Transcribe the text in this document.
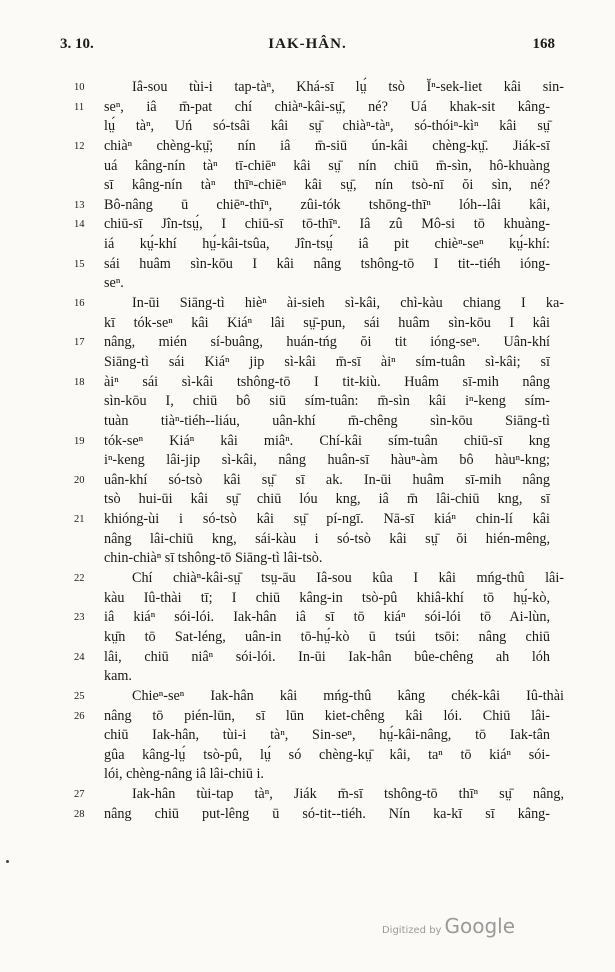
3. 10.	IAK-HÂN.	168
10	Iâ-sou tùi-i tap-tàⁿ, Khá-sī lṳ́ tsò Ĭⁿ-sek-liet kâi sin-
11	seⁿ, iâ m̄-pat chí chiàⁿ-kâi-sṳ̄, né? Uá khak-sit kâng-
lṳ́ tàⁿ, Uń só-tsâi kâi sṳ̄ chiàⁿ-tàⁿ, só-thóiⁿ-kìⁿ kâi sṳ̄
12	chiàⁿ chèng-kṳ̄; nín iâ m̄-siū ún-kâi chèng-kṳ̄. Jiák-sī
uá kâng-nín tàⁿ tī-chiēⁿ kâi sṳ̄ nín chiū m̄-sìn, hô-khuàng
sī kâng-nín tàⁿ thīⁿ-chiēⁿ kâi sṳ̄, nín tsò-nī ŏi sìn, né?
13	Bô-nâng ū chiēⁿ-thīⁿ, zûi-tók tshōng-thīⁿ lóh--lâi kâi,
14	chiū-sī Jîn-tsṳ́, I chiū-sī tō-thīⁿ. Iâ zû Mô-si tō khuàng-
iá kṳ́-khí hṳ́-kâi-tsûa, Jîn-tsṳ́ iâ pit chièⁿ-seⁿ kṳ́-khí:
15	sái huâm sìn-kōu I kâi nâng tshông-tō I tit--tiéh ióng-
seⁿ.
16	In-ūi Siāng-tì hièⁿ ài-sieh sì-kâi, chì-kàu chiang I ka-
kī tók-seⁿ kâi Kiáⁿ lâi sṳ̄-pun, sái huâm sìn-kōu I kâi
17	nâng, mién sí-buâng, huán-tńg ŏi tit ióng-seⁿ. Uân-khí
Siāng-tì sái Kiáⁿ jip sì-kâi m̄-sī àiⁿ sím-tuân sì-kâi; sī
18	àiⁿ sái sì-kâi tshông-tō I tit-kiù. Huâm sī-mih nâng
sìn-kōu I, chiū bô siū sím-tuân: m̄-sìn kâi iⁿ-keng sím-
tuàn tiàⁿ-tiéh--liáu, uân-khí m̄-chêng sìn-kōu Siāng-tì
19	tók-seⁿ Kiáⁿ kâi miâⁿ. Chí-kâi sím-tuân chiū-sī kng
iⁿ-keng lâi-jip sì-kâi, nâng huân-sī hàuⁿ-àm bô hàuⁿ-kng;
20	uân-khí só-tsò kâi sṳ̄ sī ak. In-ūi huâm sī-mih nâng
tsò hui-ūi kâi sṳ̄ chiū lóu kng, iâ m̄ lâi-chiū kng, sī
21	khióng-ùi i só-tsò kâi sṳ̄ pí-ngī. Nā-sī kiáⁿ chin-lí kâi
nâng lâi-chiū kng, sái-kàu i só-tsò kâi sṳ̄ ŏi hién-mêng,
chin-chiàⁿ sī tshông-tō Siāng-tì lâi-tsò.
22	Chí chiàⁿ-kâi-sṳ̄ tsṳ-āu Iâ-sou kûa I kâi mńg-thû lâi-
kàu Iû-thài tī; I chiū kâng-in tsò-pû khiâ-khí tō hṳ́-kò,
23	iâ kiáⁿ sói-lói. Iak-hân iâ sī tō kiáⁿ sói-lói tō Ai-lùn,
kṳ̄n tō Sat-léng, uân-in tō-hṳ́-kò ū tsúi tsōi: nâng chiū
24	lâi, chiū niâⁿ sói-lói. In-ūi Iak-hân bûe-chêng ah lóh
kam.
25	Chieⁿ-seⁿ Iak-hân kâi mńg-thû kâng chék-kâi Iû-thài
26	nâng tō pién-lūn, sī lūn kiet-chêng kâi lói. Chiū lâi-
chiū Iak-hân, tùi-i tàⁿ, Sin-seⁿ, hṳ́-kâi-nâng, tō Iak-tân
gûa kâng-lṳ́ tsò-pû, lṳ́ só chèng-kṳ̄ kâi, taⁿ tō kiáⁿ sói-
lói, chèng-nâng iâ lâi-chiū i.
27	Iak-hân tùi-tap tàⁿ, Jiák m̄-sī tshông-tō thīⁿ sṳ̄ nâng,
28	nâng chiū put-lêng ū só-tit--tiéh. Nín ka-kī sī kâng-
Digitized by Google
